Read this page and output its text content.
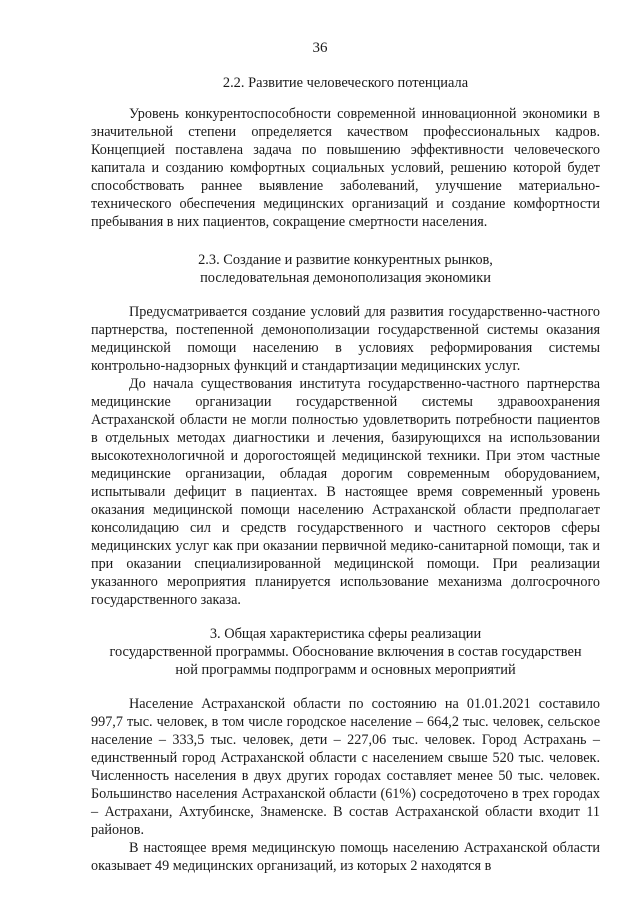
36
2.2. Развитие человеческого потенциала

Уровень конкурентоспособности современной инновационной экономики в значительной степени определяется качеством профессиональных кадров. Концепцией поставлена задача по повышению эффективности человеческого капитала и созданию комфортных социальных условий, решению которой будет способствовать раннее выявление заболеваний, улучшение материально-технического обеспечения медицинских организаций и создание комфортности пребывания в них пациентов, сокращение смертности населения.

2.3. Создание и развитие конкурентных рынков,
последовательная демонополизация экономики

Предусматривается создание условий для развития государственно-частного партнерства, постепенной демонополизации государственной системы оказания медицинской помощи населению в условиях реформирования системы контрольно-надзорных функций и стандартизации медицинских услуг.

До начала существования института государственно-частного партнерства медицинские организации государственной системы здравоохранения Астраханской области не могли полностью удовлетворить потребности пациентов в отдельных методах диагностики и лечения, базирующихся на использовании высокотехнологичной и дорогостоящей медицинской техники. При этом частные медицинские организации, обладая дорогим современным оборудованием, испытывали дефицит в пациентах. В настоящее время современный уровень оказания медицинской помощи населению Астраханской области предполагает консолидацию сил и средств государственного и частного секторов сферы медицинских услуг как при оказании первичной медико-санитарной помощи, так и при оказании специализированной медицинской помощи. При реализации указанного мероприятия планируется использование механизма долгосрочного государственного заказа.

3. Общая характеристика сферы реализации
государственной программы. Обоснование включения в состав государствен
ной программы подпрограмм и основных мероприятий

Население Астраханской области по состоянию на 01.01.2021 составило 997,7 тыс. человек, в том числе городское население – 664,2 тыс. человек, сельское население – 333,5 тыс. человек, дети – 227,06 тыс. человек. Город Астрахань – единственный город Астраханской области с населением свыше 520 тыс. человек. Численность населения в двух других городах составляет менее 50 тыс. человек. Большинство населения Астраханской области (61%) сосредоточено в трех городах – Астрахани, Ахтубинске, Знаменске. В состав Астраханской области входит 11 районов.

В настоящее время медицинскую помощь населению Астраханской области оказывает 49 медицинских организаций, из которых 2 находятся в
